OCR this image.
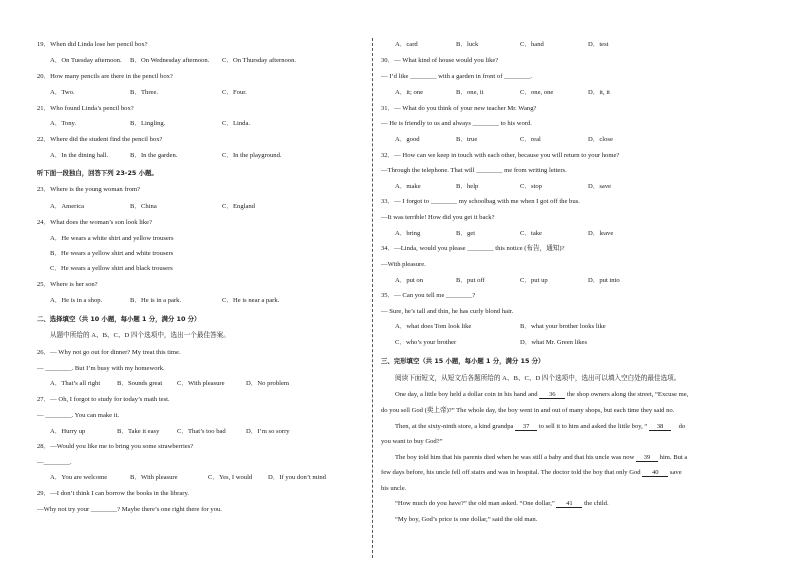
19．When did Linda lose her pencil box?
A．On Tuesday afternoon. B．On Wednesday afternoon. C．On Thursday afternoon.
20．How many pencils are there in the pencil box?
A．Two.	B．Three.	C．Four.
21．Who found Linda’s pencil box?
A．Tony.	B．Lingling.	C．Linda.
22．Where did the student find the pencil box?
A．In the dining hall.	B．In the garden.	C．In the playground.
听下面一段独白，回答下列 23-25 小题。
23．Where is the young woman from?
A．America	B．China	C．England
24．What does the woman’s son look like?
A．He wears a white shirt and yellow trousers
B．He wears a yellow shirt and white trousers
C．He wears a yellow shirt and black trousers
25．Where is her son?
A．He is in a shop.	B．He is in a park.	C．He is near a park.
二、选择填空（共 10 小题，每小题 1 分，满分 10 分）
从题中所给的 A、B、C、D 四个选项中，选出一个最佳答案。
26．— Why not go out for dinner? My treat this time.
— ________. But I’m busy with my homework.
A．That’s all right	B．Sounds great C．With pleasure	D．No problem
27．— Oh, I forgot to study for today’s math test.
— ________. You can make it.
A．Hurry up	B．Take it easy	C．That’s too bad	D．I’m so sorry
28．—Would you like me to bring you some strawberries?
—________.
A．You are welcome	B．With pleasure	C．Yes, I would D．If you don’t mind
29．—I don’t think I can borrow the books in the library.
—Why not try your ________? Maybe there’s one right there for you.
A．card	B．luck	C．hand	D．test
30．— What kind of house would you like?
— I’d like ________ with a garden in front of ________.
A．it; one	B．one, it	C．one, one	D．it, it
31．— What do you think of your new teacher Mr. Wang?
— He is friendly to us and always ________ to his word.
A．good	B．true	C．real	D．close
32．— How can we keep in touch with each other, because you will return to your home?
—Through the telephone. That will ________ me from writing letters.
A．make	B．help	C．stop	D．save
33．— I forgot to ________ my schoolbag with me when I got off the bus.
—It was terrible! How did you get it back?
A．bring	B．get	C．take	D．leave
34．—Linda, would you please ________ this notice (布告，通知)?
—With pleasure.
A．put on	B．put off	C．put up	D．put into
35．— Can you tell me ________?
— Sure, he’s tall and thin, he has curly blond hair.
A．what does Tom look like	B．what your brother looks like
C．who’s your brother	D．what Mr. Green likes
三、完形填空（共 15 小题，每小题 1 分，满分 15 分）
阅读下面短文，从短文后各题所给的 A、B、C、D 四个选项中，选出可以填入空白处的最佳选项。
One day, a little boy held a dollar coin in his hand and 36 the shop owners along the street, “Excuse me,
do you sell God (卖上帝)?” The whole day, the boy went in and out of many shops, but each time they said no.
Then, at the sixty-ninth store, a kind grandpa 37 to sell it to him and asked the little boy, “ 38 do
you want to buy God?”
The boy told him that his parents died when he was still a baby and that his uncle was now 39 him. But a
few days before, his uncle fell off stairs and was in hospital. The doctor told the boy that only God 40 save
his uncle.
“How much do you have?” the old man asked. “One dollar,” 41 the child.
“My boy, God’s price is one dollar,” said the old man.
